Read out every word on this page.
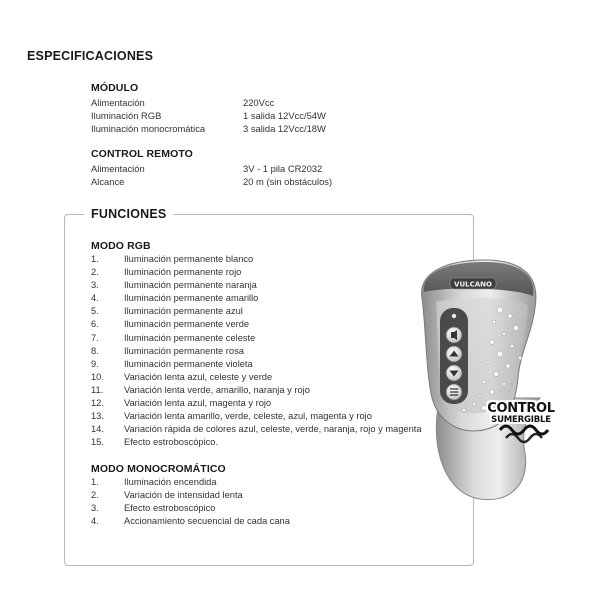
ESPECIFICACIONES
MÓDULO
Alimentación	220Vcc
Iluminación RGB	1 salida 12Vcc/54W
Iluminación monocromática	3 salida 12Vcc/18W
CONTROL REMOTO
Alimentación	3V - 1 pila CR2032
Alcance	20 m (sin obstáculos)
FUNCIONES
MODO RGB
1.	Iluminación permanente blanco
2.	Iluminación permanente rojo
3.	Iluminación permanente naranja
4.	Iluminación permanente amarillo
5.	Iluminación permanente azul
6.	Iluminación permanente verde
7.	Iluminación permanente celeste
8.	Iluminación permanente rosa
9.	Iluminación permanente violeta
10. Variación lenta azul, celeste y verde
11. Variación lenta verde, amarillo, naranja y rojo
12. Variación lenta azul, magenta y rojo
13. Variación lenta amarillo, verde, celeste, azul, magenta y rojo
14. Variación rápida de colores azul, celeste, verde, naranja, rojo y magenta
15. Efecto estroboscópico.
MODO MONOCROMÁTICO
1.	Iluminación encendida
2.	Variación de intensidad lenta
3.	Efecto estroboscópico
4.	Accionamiento secuencial de cada cana
VULCANO
CONTROL
SUMERGIBLE
